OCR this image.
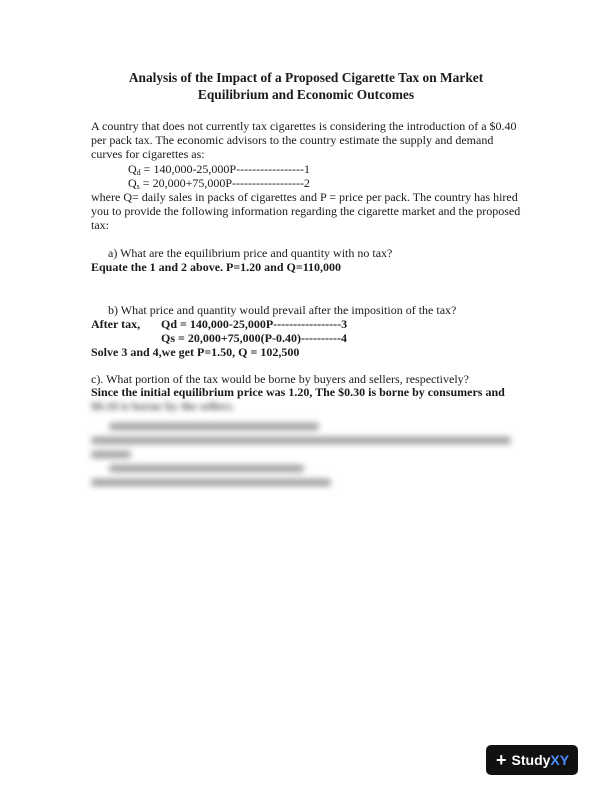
Analysis of the Impact of a Proposed Cigarette Tax on Market
Equilibrium and Economic Outcomes
A country that does not currently tax cigarettes is considering the introduction of a $0.40
per pack tax. The economic advisors to the country estimate the supply and demand
curves for cigarettes as:
$Q_d = 140,000-25,000P-----------------1$
$Q_s = 20,000+75,000P------------------2$
where Q= daily sales in packs of cigarettes and P = price per pack. The country has hired
you to provide the following information regarding the cigarette market and the proposed
tax:
a) What are the equilibrium price and quantity with no tax?
Equate the 1 and 2 above. P=1.20 and Q=110,000
b) What price and quantity would prevail after the imposition of the tax?
After tax, Qd = 140,000-25,000P-----------------3
Qs = 20,000+75,000(P-0.40)----------4
Solve 3 and 4,we get P=1.50, Q = 102,500
c). What portion of the tax would be borne by buyers and sellers, respectively?
Since the initial equilibrium price was 1.20, The $0.30 is borne by consumers and
$0.10 is borne by the sellers.
+ Study XY
